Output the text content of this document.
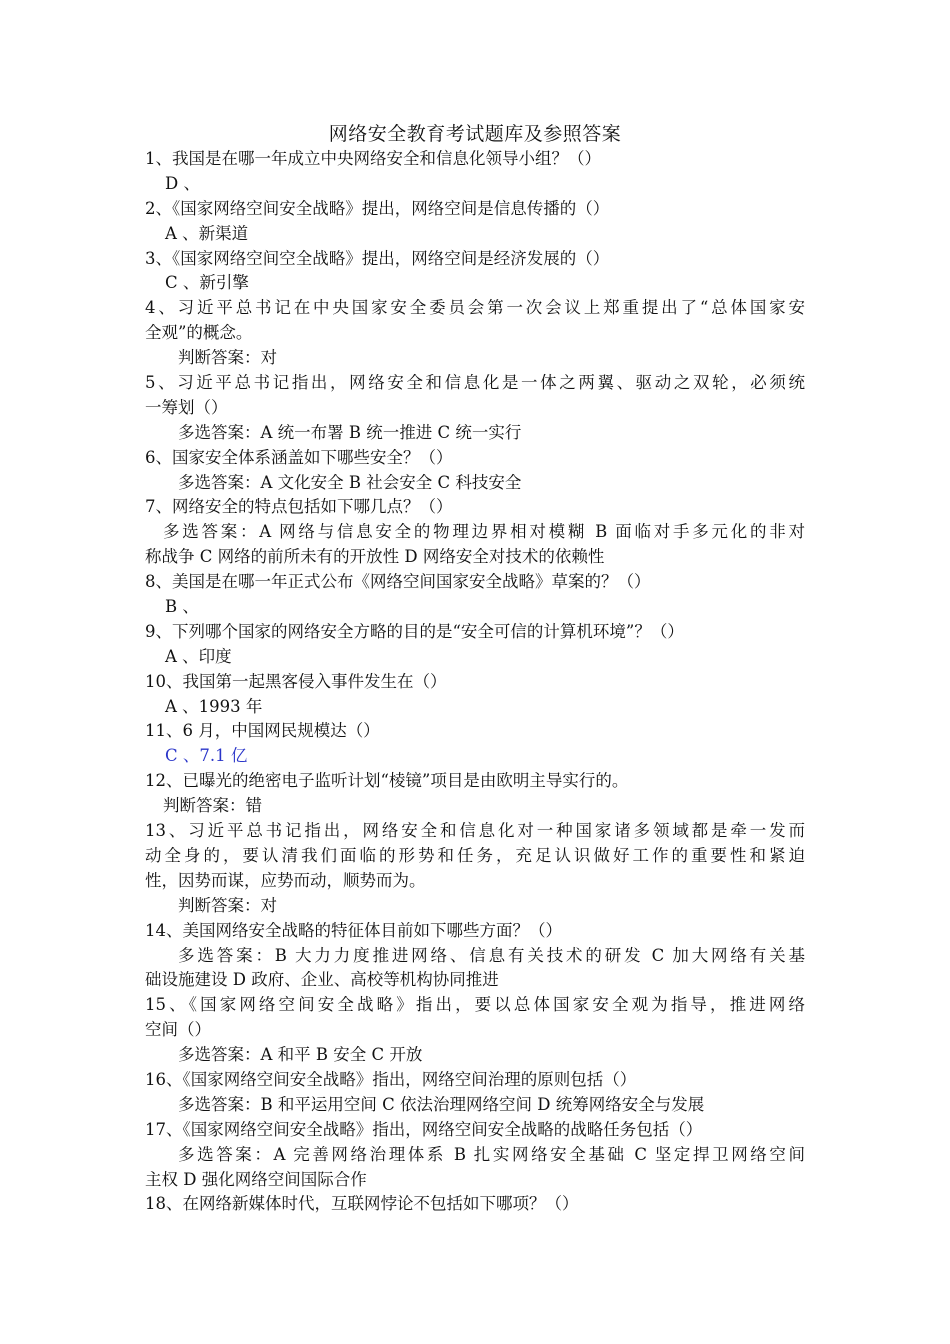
网络安全教育考试题库及参照答案
1、我国是在哪一年成立中央网络安全和信息化领导小组？（）
D 、
2、《国家网络空间安全战略》提出，网络空间是信息传播的（）
A 、新渠道
3、《国家网络空间空全战略》提出，网络空间是经济发展的（）
C 、新引擎
4、习近平总书记在中央国家安全委员会第一次会议上郑重提出了“总体国家安
全观”的概念。
判断答案：对
5、习近平总书记指出，网络安全和信息化是一体之两翼、驱动之双轮，必须统
一筹划（）
多选答案：A 统一布署 B 统一推进 C 统一实行
6、国家安全体系涵盖如下哪些安全？（）
多选答案：A 文化安全 B 社会安全 C 科技安全
7、网络安全的特点包括如下哪几点？（）
多选答案：A 网络与信息安全的物理边界相对模糊 B 面临对手多元化的非对
称战争 C 网络的前所未有的开放性 D 网络安全对技术的依赖性
8、美国是在哪一年正式公布《网络空间国家安全战略》草案的？（）
B 、
9、下列哪个国家的网络安全方略的目的是“安全可信的计算机环境”？（）
A 、印度
10、我国第一起黑客侵入事件发生在（）
A 、1993 年
11、6 月，中国网民规模达（）
C 、7.1 亿
12、已曝光的绝密电子监听计划“棱镜”项目是由欧明主导实行的。
判断答案：错
13、习近平总书记指出，网络安全和信息化对一种国家诸多领域都是牵一发而
动全身的，要认清我们面临的形势和任务，充足认识做好工作的重要性和紧迫
性，因势而谋，应势而动，顺势而为。
判断答案：对
14、美国网络安全战略的特征体目前如下哪些方面？（）
多选答案：B 大力力度推进网络、信息有关技术的研发 C 加大网络有关基
础设施建设 D 政府、企业、高校等机构协同推进
15、《国家网络空间安全战略》指出，要以总体国家安全观为指导，推进网络
空间（）
多选答案：A 和平 B 安全 C 开放
16、《国家网络空间安全战略》指出，网络空间治理的原则包括（）
多选答案：B 和平运用空间 C 依法治理网络空间 D 统筹网络安全与发展
17、《国家网络空间安全战略》指出，网络空间安全战略的战略任务包括（）
多选答案：A 完善网络治理体系 B 扎实网络安全基础 C 坚定捍卫网络空间
主权 D 强化网络空间国际合作
18、在网络新媒体时代，互联网悖论不包括如下哪项？（）
